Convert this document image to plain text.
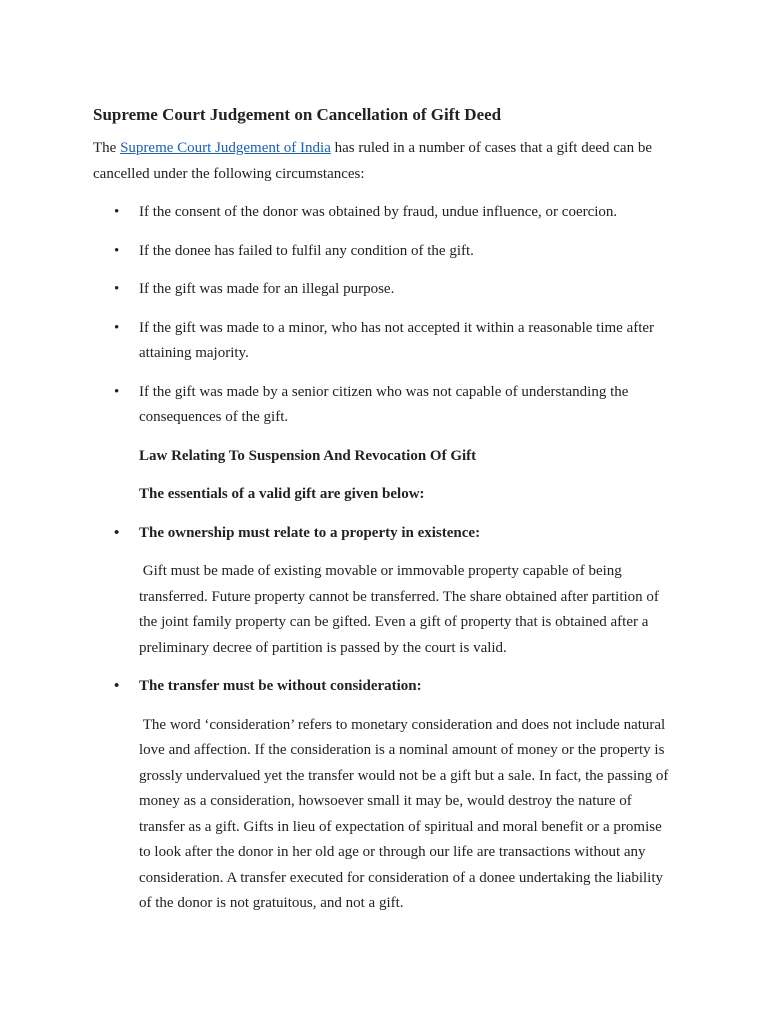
Supreme Court Judgement on Cancellation of Gift Deed

The Supreme Court Judgement of India has ruled in a number of cases that a gift deed can be cancelled under the following circumstances:

• If the consent of the donor was obtained by fraud, undue influence, or coercion.
• If the donee has failed to fulfil any condition of the gift.
• If the gift was made for an illegal purpose.
• If the gift was made to a minor, who has not accepted it within a reasonable time after attaining majority.
• If the gift was made by a senior citizen who was not capable of understanding the consequences of the gift.

Law Relating To Suspension And Revocation Of Gift

The essentials of a valid gift are given below:

• The ownership must relate to a property in existence:

Gift must be made of existing movable or immovable property capable of being transferred. Future property cannot be transferred. The share obtained after partition of the joint family property can be gifted. Even a gift of property that is obtained after a preliminary decree of partition is passed by the court is valid.

• The transfer must be without consideration:

The word ‘consideration’ refers to monetary consideration and does not include natural love and affection. If the consideration is a nominal amount of money or the property is grossly undervalued yet the transfer would not be a gift but a sale. In fact, the passing of money as a consideration, howsoever small it may be, would destroy the nature of transfer as a gift. Gifts in lieu of expectation of spiritual and moral benefit or a promise to look after the donor in her old age or through our life are transactions without any consideration. A transfer executed for consideration of a donee undertaking the liability of the donor is not gratuitous, and not a gift.
